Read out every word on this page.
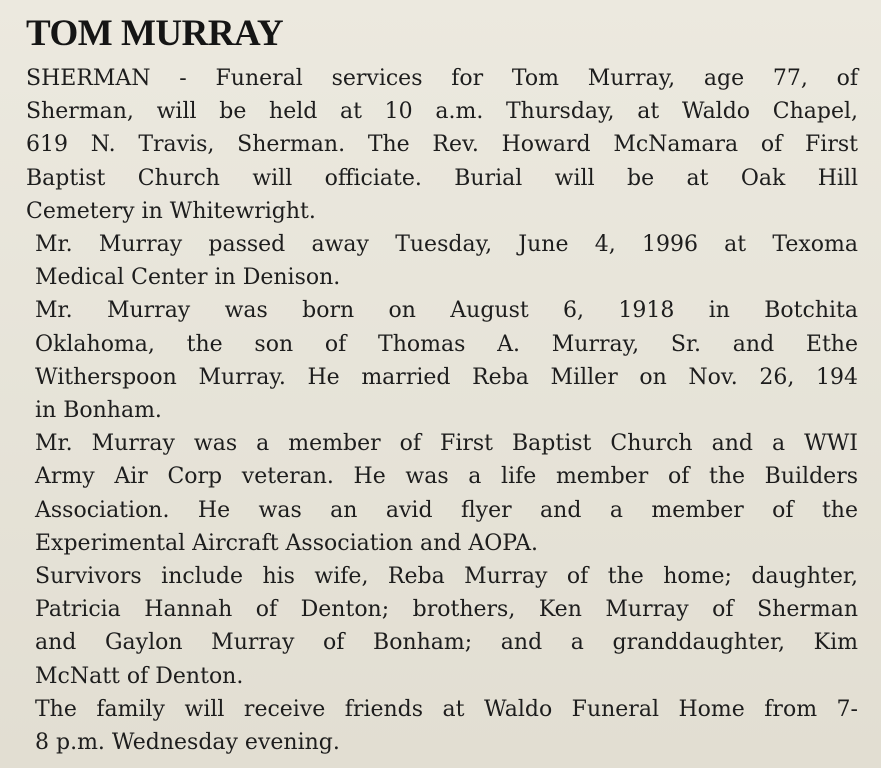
TOM MURRAY

SHERMAN - Funeral services for Tom Murray, age 77, of
Sherman, will be held at 10 a.m. Thursday, at Waldo Chapel,
619 N. Travis, Sherman. The Rev. Howard McNamara of First
Baptist Church will officiate. Burial will be at Oak Hill
Cemetery in Whitewright.

Mr. Murray passed away Tuesday, June 4, 1996 at Texoma
Medical Center in Denison.

Mr. Murray was born on August 6, 1918 in Botchita
Oklahoma, the son of Thomas A. Murray, Sr. and Ethe
Witherspoon Murray. He married Reba Miller on Nov. 26, 194
in Bonham.

Mr. Murray was a member of First Baptist Church and a WWI
Army Air Corp veteran. He was a life member of the Builders
Association. He was an avid flyer and a member of the
Experimental Aircraft Association and AOPA.

Survivors include his wife, Reba Murray of the home; daughter,
Patricia Hannah of Denton; brothers, Ken Murray of Sherman
and Gaylon Murray of Bonham; and a granddaughter, Kim
McNatt of Denton.

The family will receive friends at Waldo Funeral Home from 7-
8 p.m. Wednesday evening.
